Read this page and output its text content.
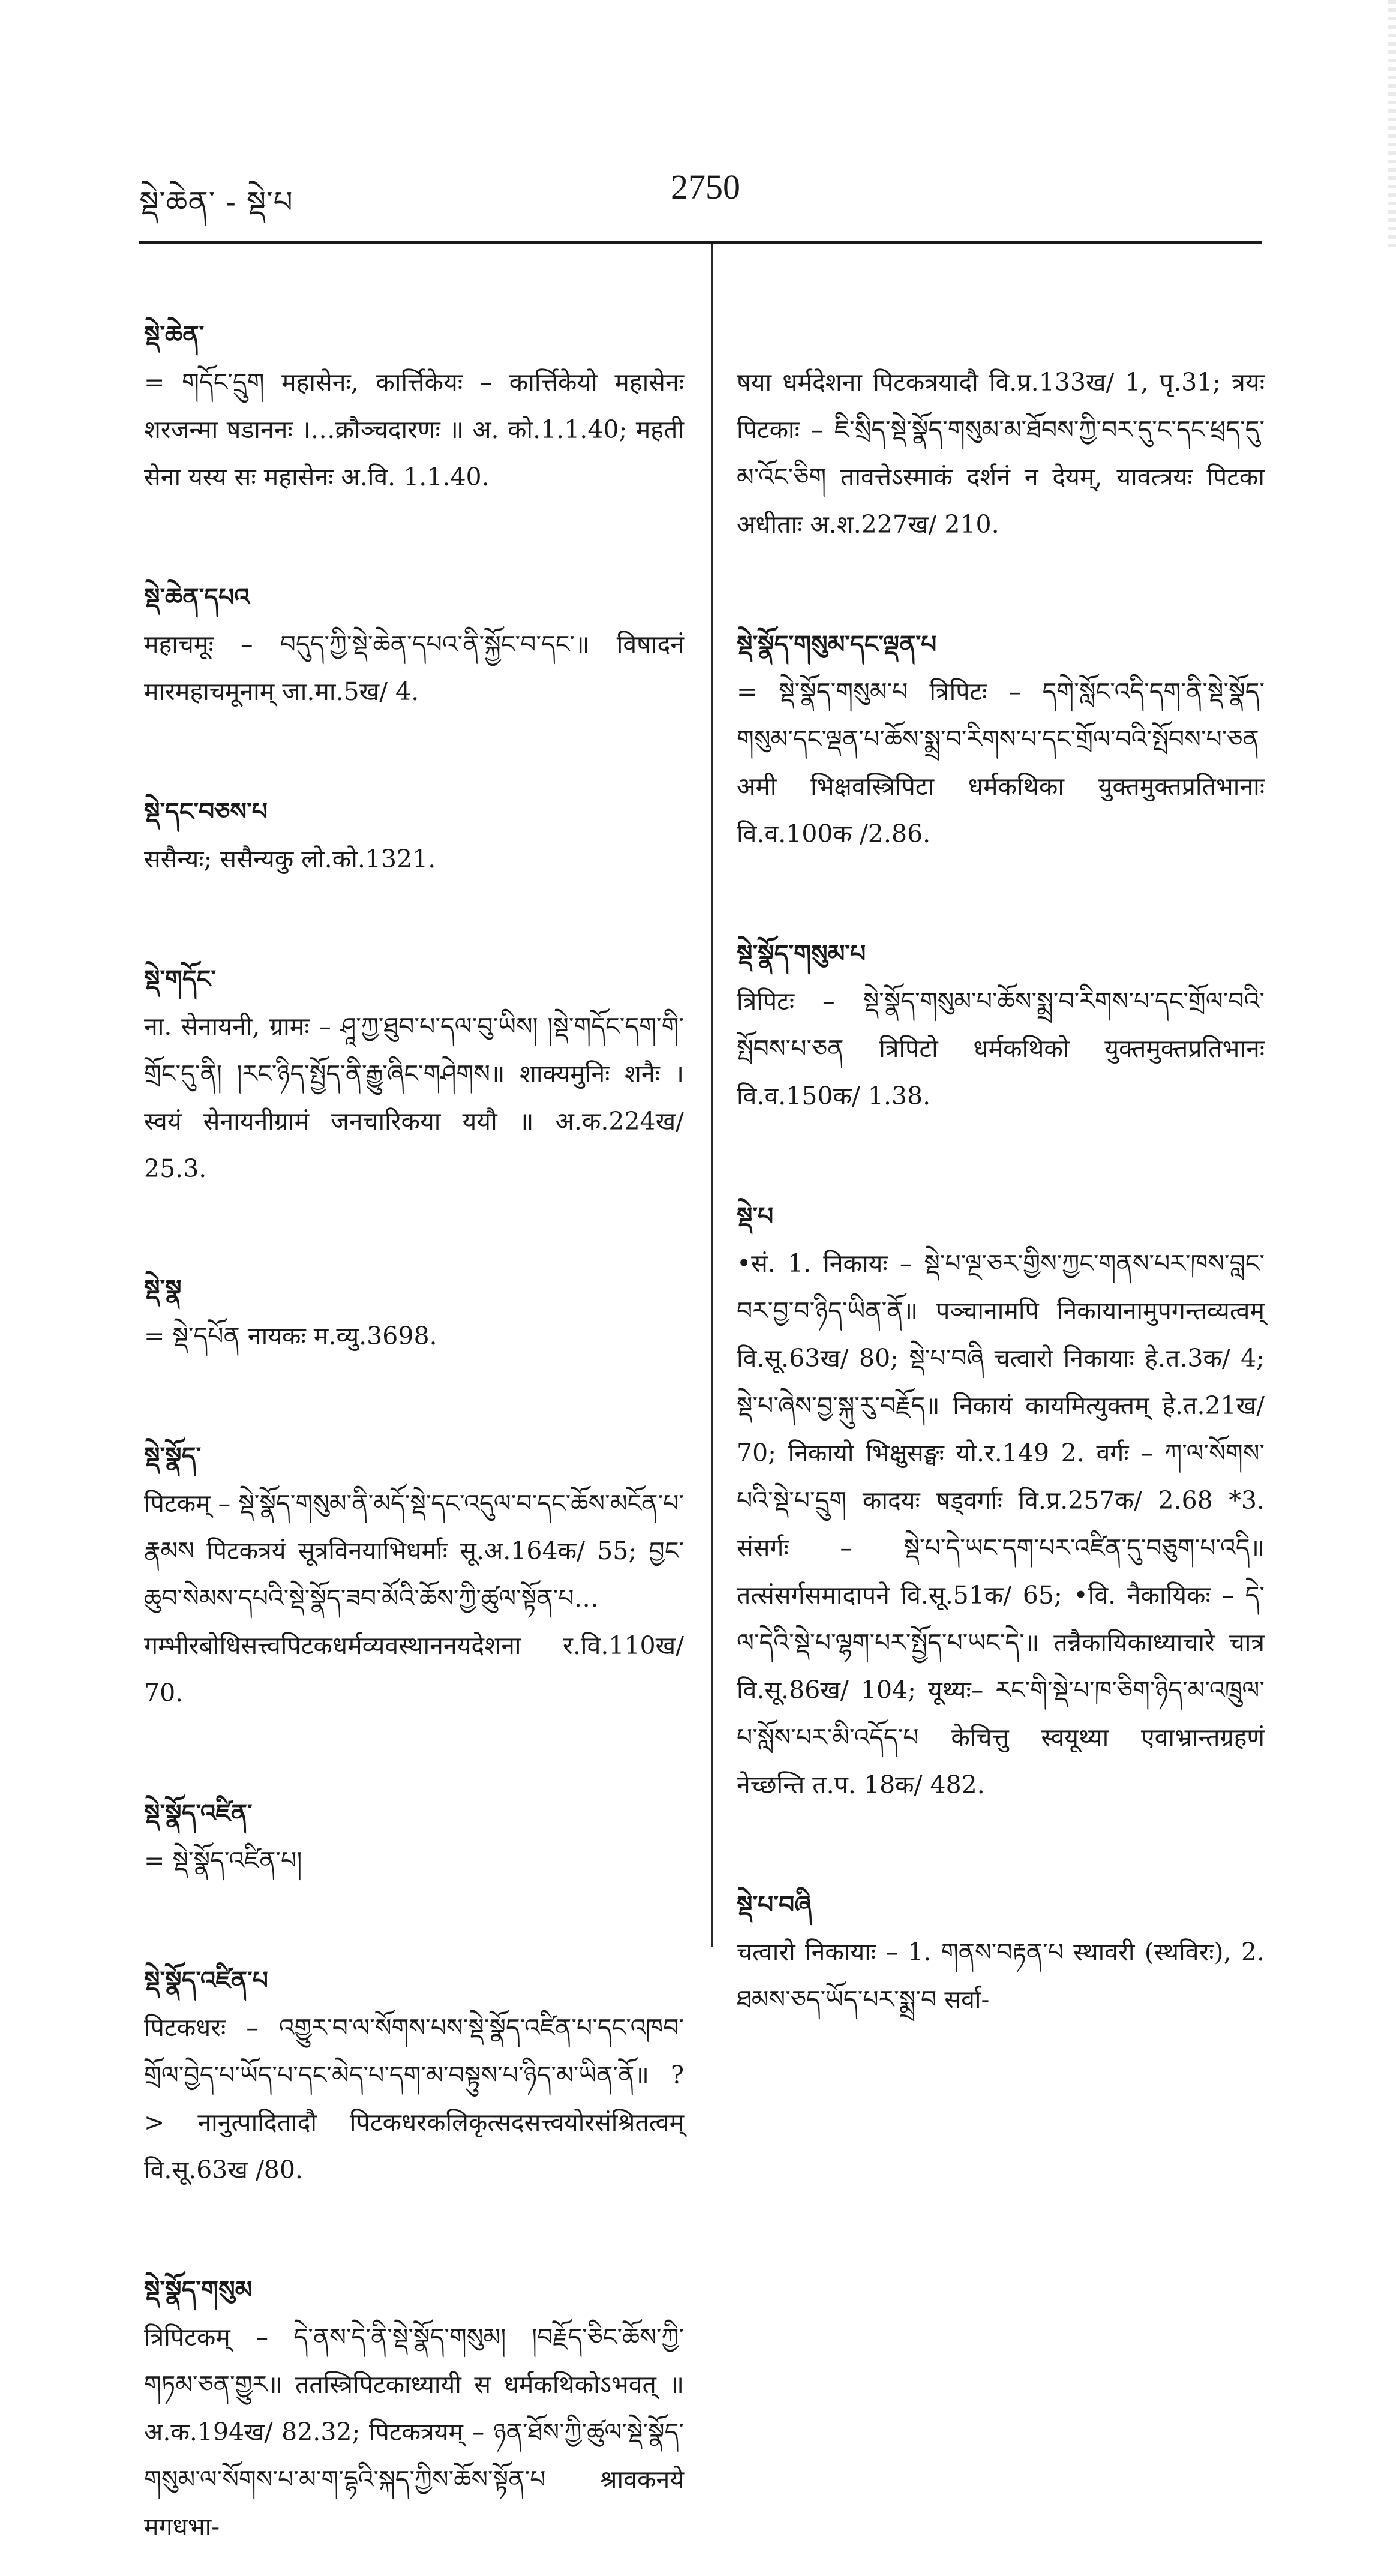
སྡེ་ཆེན་ - སྡེ་པ	2750

སྡེ་ཆེན་
= གདོང་དྲུག महासेनः, कार्त्तिकेयः – कार्त्तिकेयो महासेनः शरजन्मा षडाननः ।…क्रौञ्चदारणः ॥ अ. को.1.1.40; महती सेना यस्य सः महासेनः अ.वि. 1.1.40.

སྡེ་ཆེན་དཔའ
महाचमूः – བདུད་ཀྱི་སྡེ་ཆེན་དཔའ་ནི་སྐྱོང་བ་དང་॥ विषादनं मारमहाचमूनाम् जा.मा.5ख/ 4.

སྡེ་དང་བཅས་པ
ससैन्यः; ससैन्यकु लो.को.1321.

སྡེ་གདོང་
ना. सेनायनी, ग्रामः – ཤཱ་ཀྱ་ཐུབ་པ་དལ་བུ་ཡིས། །སྡེ་གདོང་དག་གི་གྲོང་དུ་ནི། །རང་ཉིད་སྤྱོད་ནི་རྒྱུ་ཞིང་གཤེགས॥ शाक्यमुनिः शनैः । स्वयं सेनायनीग्रामं जनचारिकया ययौ ॥ अ.क.224ख/ 25.3.

སྡེ་སྣ
= སྡེ་དཔོན नायकः म.व्यु.3698.

སྡེ་སྣོད་
पिटकम् – སྡེ་སྣོད་གསུམ་ནི་མདོ་སྡེ་དང་འདུལ་བ་དང་ཆོས་མངོན་པ་རྣམས पिटकत्रयं सूत्रविनयाभिधर्माः सू.अ.164क/ 55; བྱང་ཆུབ་སེམས་དཔའི་སྡེ་སྣོད་ཟབ་མོའི་ཆོས་ཀྱི་ཚུལ་སྟོན་པ…गम्भीरबोधिसत्त्वपिटकधर्मव्यवस्थाननयदेशना र.वि.110ख/ 70.

སྡེ་སྣོད་འཛིན་
= སྡེ་སྣོད་འཛིན་པ།

སྡེ་སྣོད་འཛིན་པ
पिटकधरः – འགྱུར་བ་ལ་སོགས་པས་སྡེ་སྣོད་འཛིན་པ་དང་འཁབ་གྲོལ་བྱེད་པ་ཡོད་པ་དང་མེད་པ་དག་མ་བསྟུས་པ་ཉིད་མ་ཡིན་ནོ॥ ?> नानुत्पादितादौ पिटकधरकलिकृत्सदसत्त्वयोरसंश्रितत्वम् वि.सू.63ख /80.

སྡེ་སྣོད་གསུམ
त्रिपिटकम् – དེ་ནས་དེ་ནི་སྡེ་སྣོད་གསུམ། །བརྗོད་ཅིང་ཆོས་ཀྱི་གཏམ་ཅན་གྱུར॥ ततस्त्रिपिटकाध्यायी स धर्मकथिकोऽभवत् ॥ अ.क.194ख/ 82.32; पिटकत्रयम् – ཉན་ཐོས་ཀྱི་ཚུལ་སྡེ་སྣོད་གསུམ་ལ་སོགས་པ་མ་ག་དྷའི་སྐད་ཀྱིས་ཆོས་སྟོན་པ श्रावकनये मगधभा-

षया धर्मदेशना पिटकत्रयादौ वि.प्र.133ख/ 1, पृ.31; त्रयः पिटकाः – ཇི་སྲིད་སྡེ་སྣོད་གསུམ་མ་ཐོབས་ཀྱི་བར་དུ་ང་དང་ཕྲད་དུ་མ་འོང་ཅིག तावत्तेऽस्माकं दर्शनं न देयम्, यावत्त्रयः पिटका अधीताः अ.श.227ख/ 210.

སྡེ་སྣོད་གསུམ་དང་ལྡན་པ
= སྡེ་སྣོད་གསུམ་པ त्रिपिटः – དགེ་སློང་འདི་དག་ནི་སྡེ་སྣོད་གསུམ་དང་ལྡན་པ་ཆོས་སྨྲ་བ་རིགས་པ་དང་གྲོལ་བའི་སྤོབས་པ་ཅན अमी भिक्षवस्त्रिपिटा धर्मकथिका युक्तमुक्तप्रतिभानाः वि.व.100क /2.86.

སྡེ་སྣོད་གསུམ་པ
त्रिपिटः – སྡེ་སྣོད་གསུམ་པ་ཆོས་སྨྲ་བ་རིགས་པ་དང་གྲོལ་བའི་སྤོབས་པ་ཅན त्रिपिटो धर्मकथिको युक्तमुक्तप्रतिभानः वि.व.150क/ 1.38.

སྡེ་པ
•सं. 1. निकायः – སྡེ་པ་ལྔ་ཅར་གྱིས་ཀྱང་གནས་པར་ཁས་བླང་བར་བྱ་བ་ཉིད་ཡིན་ནོ॥ पञ्चानामपि निकायानामुपगन्तव्यत्वम् वि.सू.63ख/ 80; སྡེ་པ་བཞི चत्वारो निकायाः हे.त.3क/ 4; སྡེ་པ་ཞེས་བྱ་སྐུ་རུ་བརྗོད॥ निकायं कायमित्युक्तम् हे.त.21ख/ 70; निकायो भिक्षुसङ्घः यो.र.149 2. वर्गः – ཀ་ལ་སོགས་པའི་སྡེ་པ་དྲུག कादयः षड्वर्गाः वि.प्र.257क/ 2.68 *3. संसर्गः – སྡེ་པ་དེ་ཡང་དག་པར་འཛིན་དུ་བཅུག་པ་འདི॥ तत्संसर्गसमादापने वि.सू.51क/ 65; •वि. नैकायिकः – དེ་ལ་དེའི་སྡེ་པ་ལྷག་པར་སྤྱོད་པ་ཡང་དེ་॥ तन्नैकायिकाध्याचारे चात्र वि.सू.86ख/ 104; यूथ्यः– རང་གི་སྡེ་པ་ཁ་ཅིག་ཉིད་མ་འཁྲུལ་པ་སློས་པར་མི་འདོད་པ केचित्तु स्वयूथ्या एवाभ्रान्तग्रहणं नेच्छन्ति त.प. 18क/ 482.

སྡེ་པ་བཞི
चत्वारो निकायाः – 1. གནས་བརྟན་པ स्थावरी (स्थविरः), 2. ཐམས་ཅད་ཡོད་པར་སྨྲ་བ सर्वा-
